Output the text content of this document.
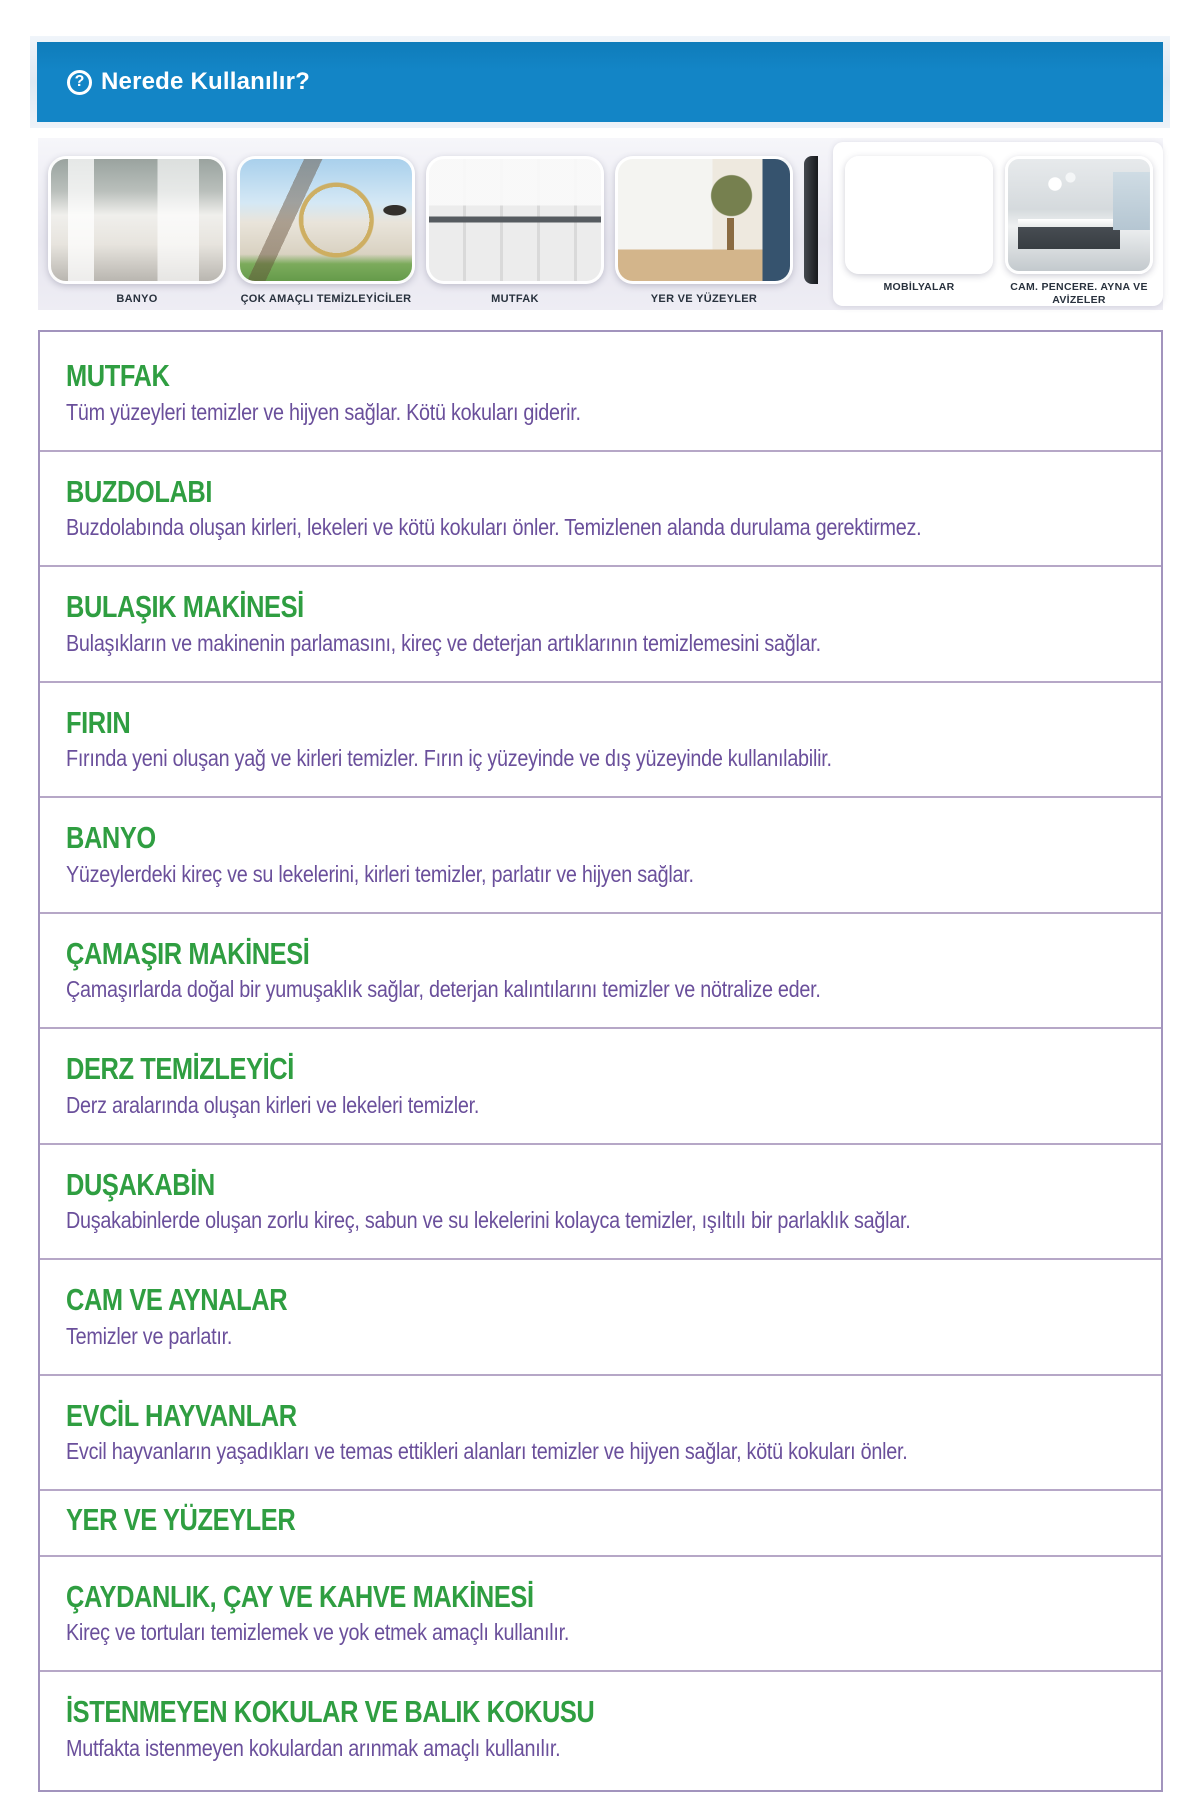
? Nerede Kullanılır?
BANYO	ÇOK AMAÇLI TEMİZLEYİCİLER	MUTFAK	YER VE YÜZEYLER
MOBİLYALAR	CAM. PENCERE. AYNA VE AVİZELER
MUTFAK

Tüm yüzeyleri temizler ve hijyen sağlar. Kötü kokuları giderir.

BUZDOLABI

Buzdolabında oluşan kirleri, lekeleri ve kötü kokuları önler. Temizlenen alanda durulama gerektirmez.

BULAŞIK MAKİNESİ

Bulaşıkların ve makinenin parlamasını, kireç ve deterjan artıklarının temizlemesini sağlar.

FIRIN

Fırında yeni oluşan yağ ve kirleri temizler. Fırın iç yüzeyinde ve dış yüzeyinde kullanılabilir.

BANYO

Yüzeylerdeki kireç ve su lekelerini, kirleri temizler, parlatır ve hijyen sağlar.

ÇAMAŞIR MAKİNESİ

Çamaşırlarda doğal bir yumuşaklık sağlar, deterjan kalıntılarını temizler ve nötralize eder.

DERZ TEMİZLEYİCİ

Derz aralarında oluşan kirleri ve lekeleri temizler.

DUŞAKABİN

Duşakabinlerde oluşan zorlu kireç, sabun ve su lekelerini kolayca temizler, ışıltılı bir parlaklık sağlar.

CAM VE AYNALAR

Temizler ve parlatır.

EVCİL HAYVANLAR

Evcil hayvanların yaşadıkları ve temas ettikleri alanları temizler ve hijyen sağlar, kötü kokuları önler.

YER VE YÜZEYLER
ÇAYDANLIK, ÇAY VE KAHVE MAKİNESİ

Kireç ve tortuları temizlemek ve yok etmek amaçlı kullanılır.

İSTENMEYEN KOKULAR VE BALIK KOKUSU

Mutfakta istenmeyen kokulardan arınmak amaçlı kullanılır.
